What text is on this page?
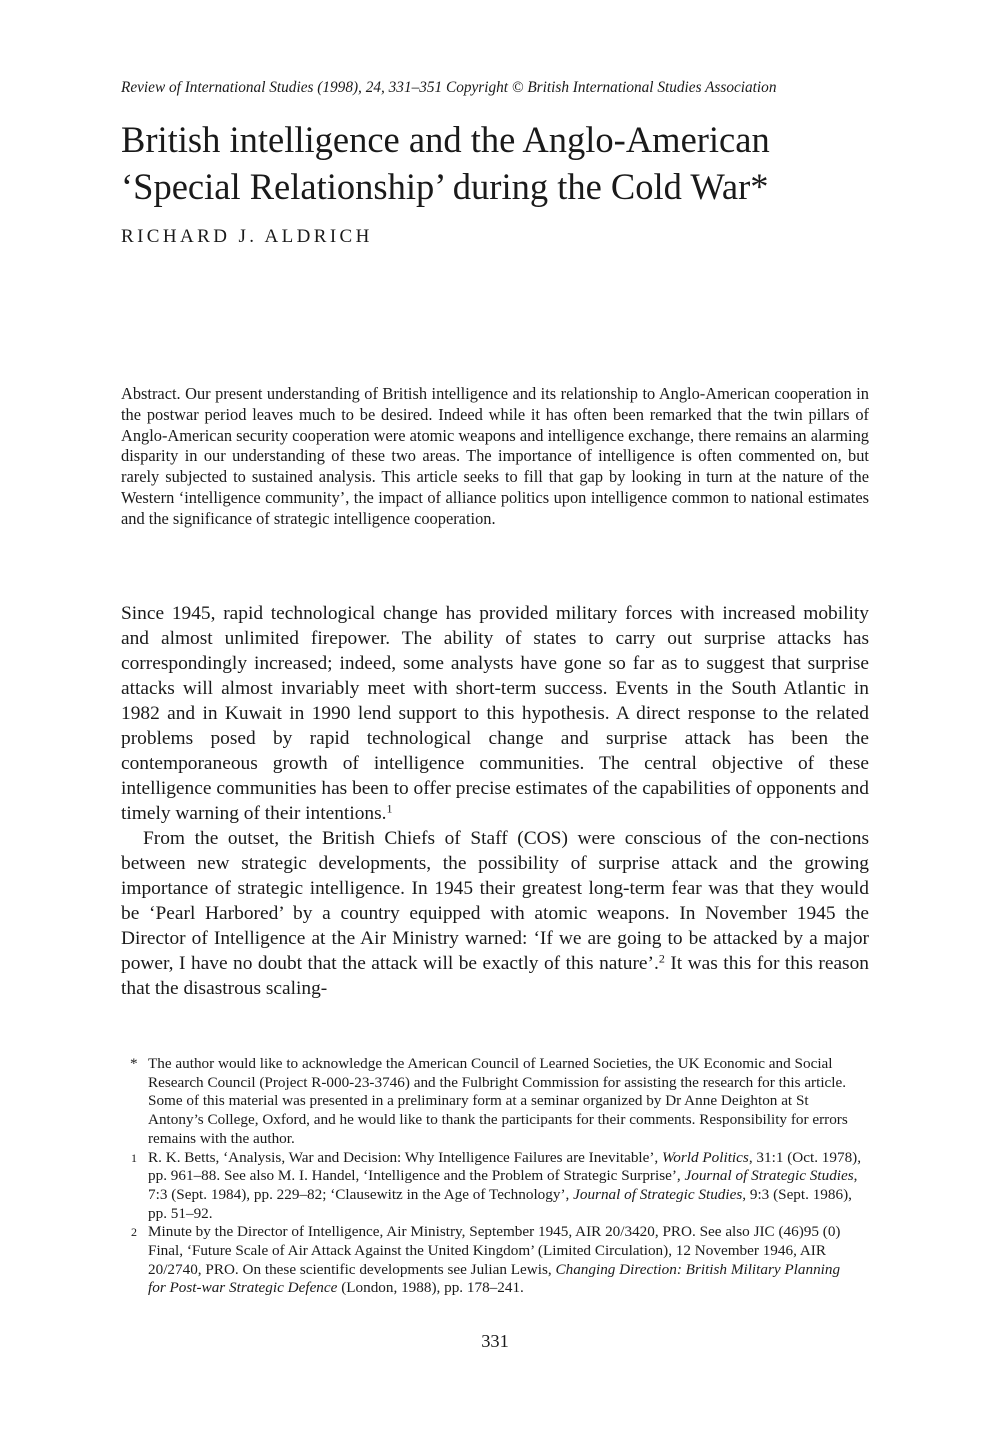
Review of International Studies (1998), 24, 331–351 Copyright © British International Studies Association
British intelligence and the Anglo-American
‘Special Relationship’ during the Cold War*
RICHARD J. ALDRICH
Abstract. Our present understanding of British intelligence and its relationship to Anglo-American cooperation in the postwar period leaves much to be desired. Indeed while it has often been remarked that the twin pillars of Anglo-American security cooperation were atomic weapons and intelligence exchange, there remains an alarming disparity in our understanding of these two areas. The importance of intelligence is often commented on, but rarely subjected to sustained analysis. This article seeks to fill that gap by looking in turn at the nature of the Western ‘intelligence community’, the impact of alliance politics upon intelligence common to national estimates and the significance of strategic intelligence cooperation.

Since 1945, rapid technological change has provided military forces with increased mobility and almost unlimited firepower. The ability of states to carry out surprise attacks has correspondingly increased; indeed, some analysts have gone so far as to suggest that surprise attacks will almost invariably meet with short-term success. Events in the South Atlantic in 1982 and in Kuwait in 1990 lend support to this hypothesis. A direct response to the related problems posed by rapid technological change and surprise attack has been the contemporaneous growth of intelligence communities. The central objective of these intelligence communities has been to offer precise estimates of the capabilities of opponents and timely warning of their intentions.$^1$

From the outset, the British Chiefs of Staff (COS) were conscious of the con-nections between new strategic developments, the possibility of surprise attack and the growing importance of strategic intelligence. In 1945 their greatest long-term fear was that they would be ‘Pearl Harbored’ by a country equipped with atomic weapons. In November 1945 the Director of Intelligence at the Air Ministry warned: ‘If we are going to be attacked by a major power, I have no doubt that the attack will be exactly of this nature’.$^2$ It was this for this reason that the disastrous scaling-

* The author would like to acknowledge the American Council of Learned Societies, the UK Economic and Social Research Council (Project R-000-23-3746) and the Fulbright Commission for assisting the research for this article. Some of this material was presented in a preliminary form at a seminar organized by Dr Anne Deighton at St Antony’s College, Oxford, and he would like to thank the participants for their comments. Responsibility for errors remains with the author.
1 R. K. Betts, ‘Analysis, War and Decision: Why Intelligence Failures are Inevitable’, World Politics, 31:1 (Oct. 1978), pp. 961–88. See also M. I. Handel, ‘Intelligence and the Problem of Strategic Surprise’, Journal of Strategic Studies, 7:3 (Sept. 1984), pp. 229–82; ‘Clausewitz in the Age of Technology’, Journal of Strategic Studies, 9:3 (Sept. 1986), pp. 51–92.
2 Minute by the Director of Intelligence, Air Ministry, September 1945, AIR 20/3420, PRO. See also JIC (46)95 (0) Final, ‘Future Scale of Air Attack Against the United Kingdom’ (Limited Circulation), 12 November 1946, AIR 20/2740, PRO. On these scientific developments see Julian Lewis, Changing Direction: British Military Planning for Post-war Strategic Defence (London, 1988), pp. 178–241.
331
